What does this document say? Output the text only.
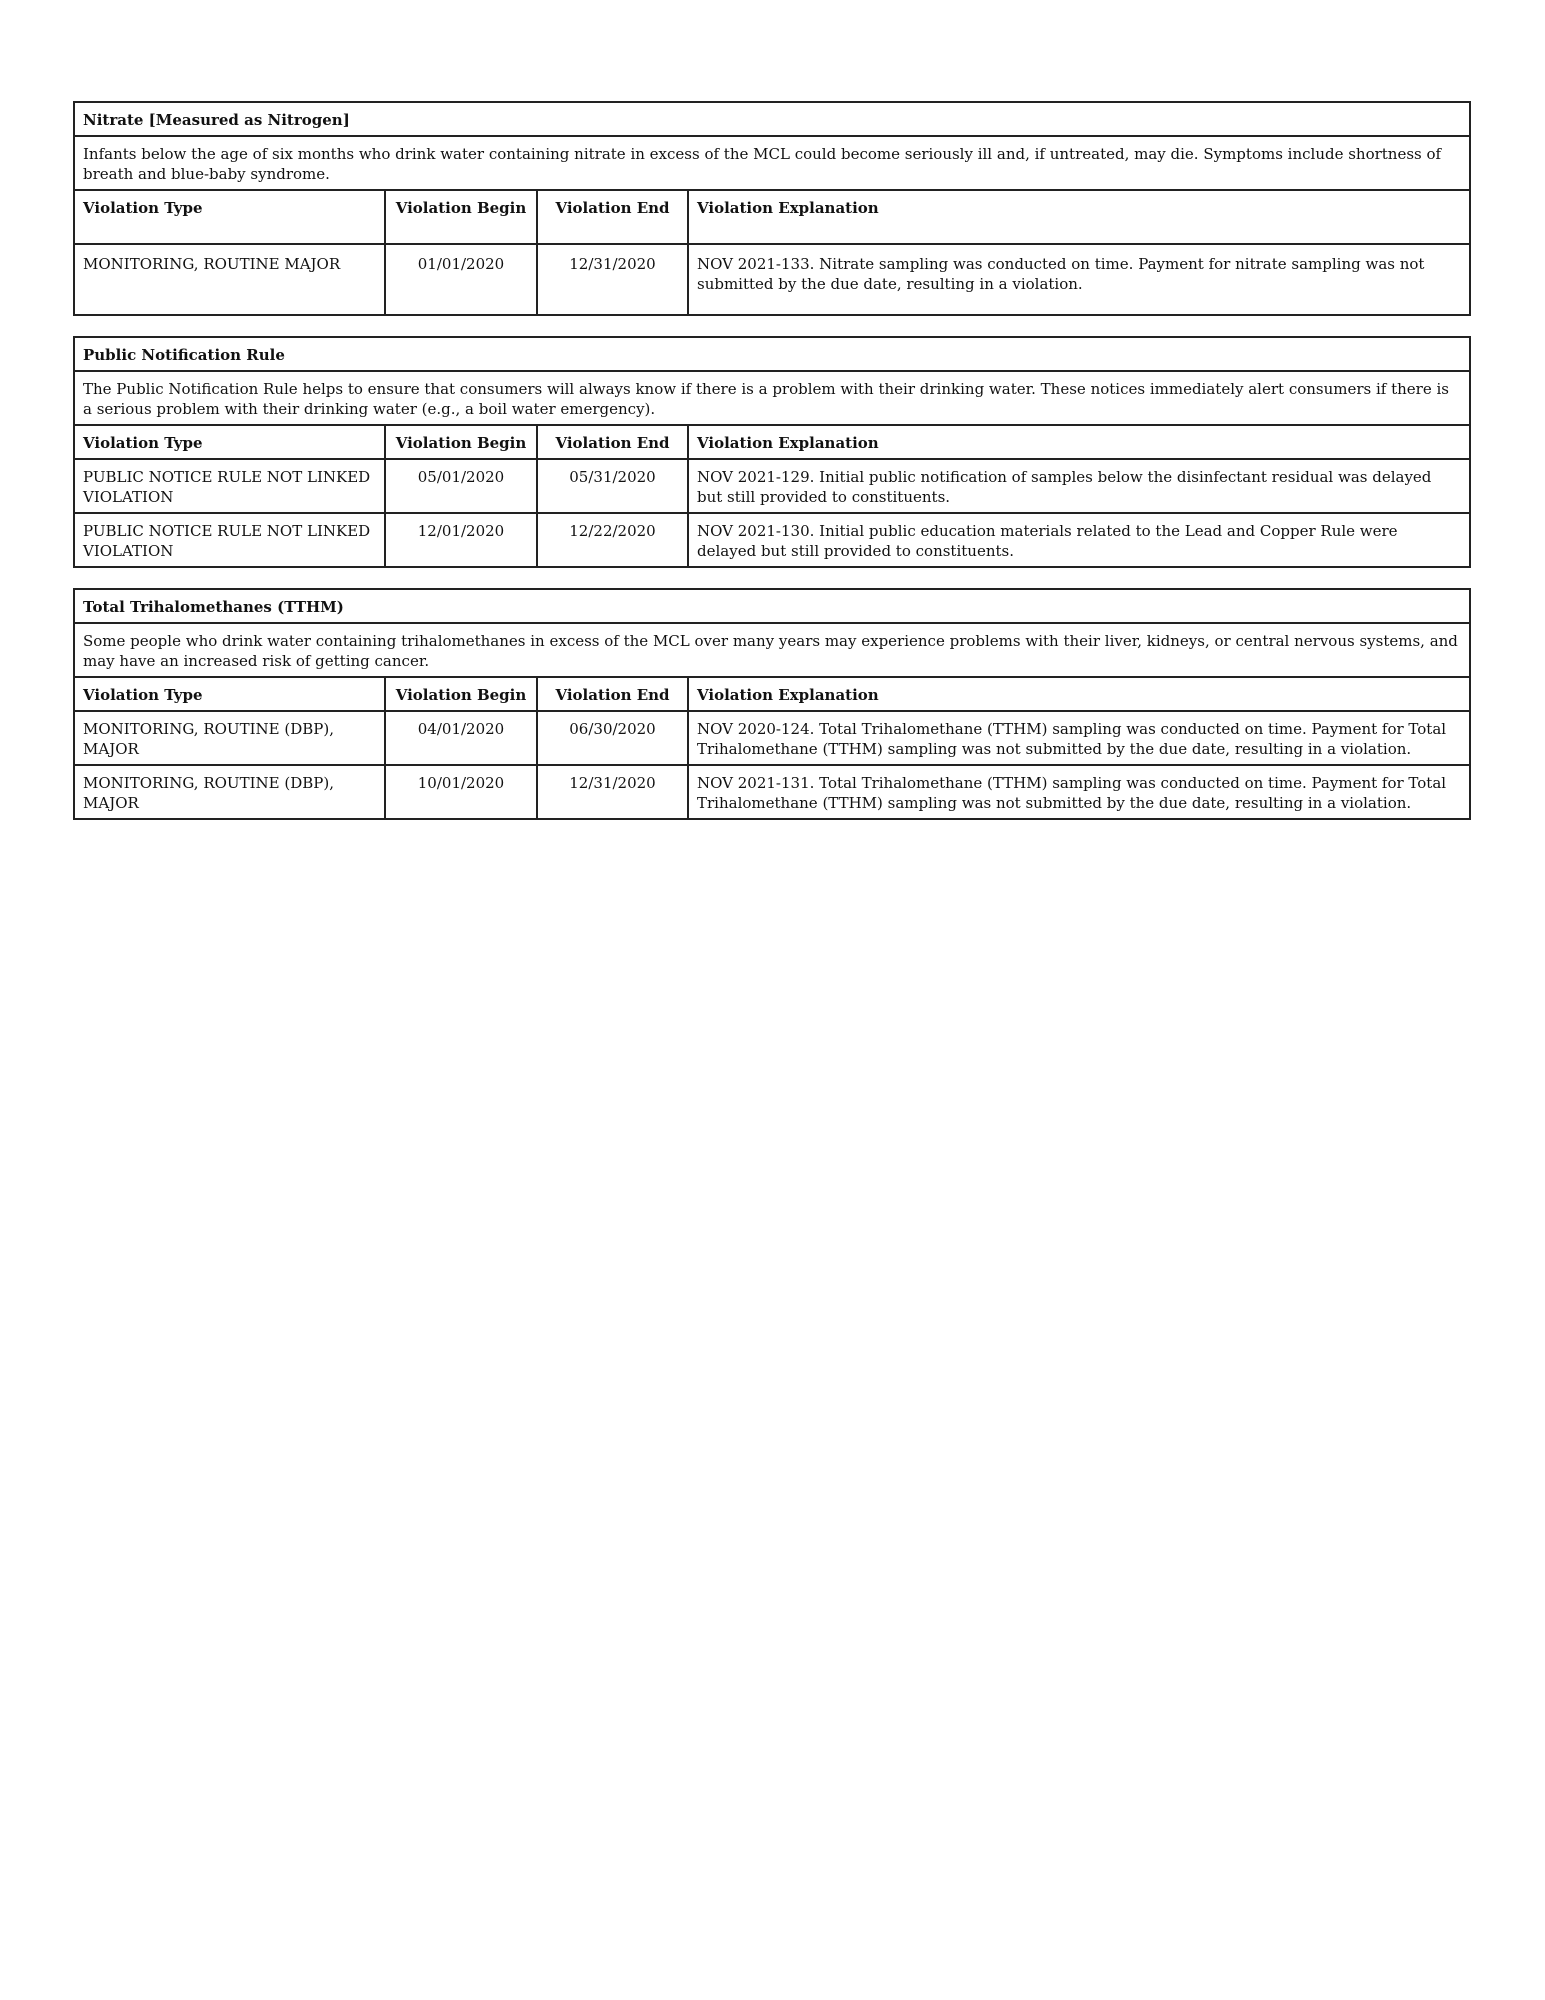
Nitrate [Measured as Nitrogen]			
Infants below the age of six months who drink water containing nitrate in excess of the MCL could become seriously ill and, if untreated, may die. Symptoms include shortness of breath and blue-baby syndrome.			
Violation Type	Violation Begin	Violation End	Violation Explanation
MONITORING, ROUTINE MAJOR	01/01/2020	12/31/2020	NOV 2021-133. Nitrate sampling was conducted on time. Payment for nitrate sampling was not submitted by the due date, resulting in a violation.
Public Notification Rule			
The Public Notification Rule helps to ensure that consumers will always know if there is a problem with their drinking water. These notices immediately alert consumers if there is a serious problem with their drinking water (e.g., a boil water emergency).			
Violation Type	Violation Begin	Violation End	Violation Explanation
PUBLIC NOTICE RULE NOT LINKED VIOLATION	05/01/2020	05/31/2020	NOV 2021-129. Initial public notification of samples below the disinfectant residual was delayed but still provided to constituents.
PUBLIC NOTICE RULE NOT LINKED VIOLATION	12/01/2020	12/22/2020	NOV 2021-130. Initial public education materials related to the Lead and Copper Rule were delayed but still provided to constituents.
Total Trihalomethanes (TTHM)			
Some people who drink water containing trihalomethanes in excess of the MCL over many years may experience problems with their liver, kidneys, or central nervous systems, and may have an increased risk of getting cancer.			
Violation Type	Violation Begin	Violation End	Violation Explanation
MONITORING, ROUTINE (DBP), MAJOR	04/01/2020	06/30/2020	NOV 2020-124. Total Trihalomethane (TTHM) sampling was conducted on time. Payment for Total Trihalomethane (TTHM) sampling was not submitted by the due date, resulting in a violation.
MONITORING, ROUTINE (DBP), MAJOR	10/01/2020	12/31/2020	NOV 2021-131. Total Trihalomethane (TTHM) sampling was conducted on time. Payment for Total Trihalomethane (TTHM) sampling was not submitted by the due date, resulting in a violation.
